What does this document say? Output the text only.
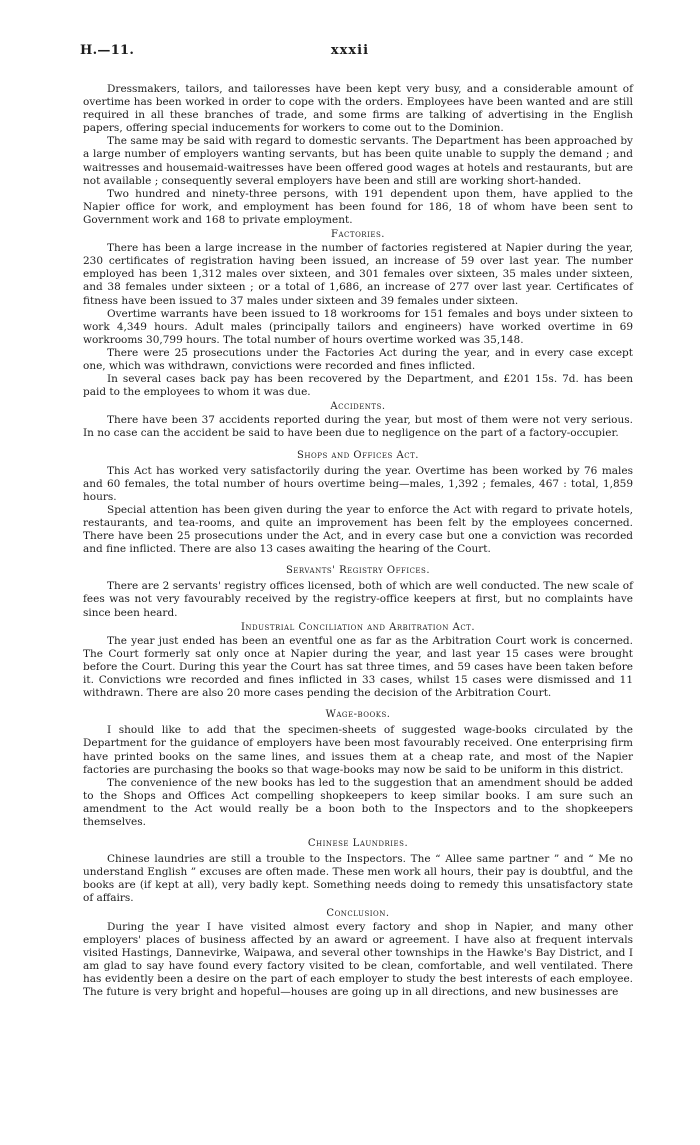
H.—11.	xxxii

Dressmakers, tailors, and tailoresses have been kept very busy, and a considerable amount of overtime has been worked in order to cope with the orders. Employees have been wanted and are still required in all these branches of trade, and some firms are talking of advertising in the English papers, offering special inducements for workers to come out to the Dominion.

The same may be said with regard to domestic servants. The Department has been approached by a large number of employers wanting servants, but has been quite unable to supply the demand ; and waitresses and housemaid-waitresses have been offered good wages at hotels and restaurants, but are not available ; consequently several employers have been and still are working short-handed.

Two hundred and ninety-three persons, with 191 dependent upon them, have applied to the Napier office for work, and employment has been found for 186, 18 of whom have been sent to Government work and 168 to private employment.

Factories.

There has been a large increase in the number of factories registered at Napier during the year, 230 certificates of registration having been issued, an increase of 59 over last year. The number employed has been 1,312 males over sixteen, and 301 females over sixteen, 35 males under sixteen, and 38 females under sixteen ; or a total of 1,686, an increase of 277 over last year. Certificates of fitness have been issued to 37 males under sixteen and 39 females under sixteen.

Overtime warrants have been issued to 18 workrooms for 151 females and boys under sixteen to work 4,349 hours. Adult males (principally tailors and engineers) have worked overtime in 69 workrooms 30,799 hours. The total number of hours overtime worked was 35,148.

There were 25 prosecutions under the Factories Act during the year, and in every case except one, which was withdrawn, convictions were recorded and fines inflicted.

In several cases back pay has been recovered by the Department, and £201 15s. 7d. has been paid to the employees to whom it was due.

Accidents.

There have been 37 accidents reported during the year, but most of them were not very serious. In no case can the accident be said to have been due to negligence on the part of a factory-occupier.

Shops and Offices Act.

This Act has worked very satisfactorily during the year. Overtime has been worked by 76 males and 60 females, the total number of hours overtime being—males, 1,392 ; females, 467 : total, 1,859 hours.

Special attention has been given during the year to enforce the Act with regard to private hotels, restaurants, and tea-rooms, and quite an improvement has been felt by the employees concerned. There have been 25 prosecutions under the Act, and in every case but one a conviction was recorded and fine inflicted. There are also 13 cases awaiting the hearing of the Court.

Servants' Registry Offices.

There are 2 servants' registry offices licensed, both of which are well conducted. The new scale of fees was not very favourably received by the registry-office keepers at first, but no complaints have since been heard.

Industrial Conciliation and Arbitration Act.

The year just ended has been an eventful one as far as the Arbitration Court work is concerned. The Court formerly sat only once at Napier during the year, and last year 15 cases were brought before the Court. During this year the Court has sat three times, and 59 cases have been taken before it. Convictions wre recorded and fines inflicted in 33 cases, whilst 15 cases were dismissed and 11 withdrawn. There are also 20 more cases pending the decision of the Arbitration Court.

Wage-books.

I should like to add that the specimen-sheets of suggested wage-books circulated by the Department for the guidance of employers have been most favourably received. One enterprising firm have printed books on the same lines, and issues them at a cheap rate, and most of the Napier factories are purchasing the books so that wage-books may now be said to be uniform in this district.

The convenience of the new books has led to the suggestion that an amendment should be added to the Shops and Offices Act compelling shopkeepers to keep similar books. I am sure such an amendment to the Act would really be a boon both to the Inspectors and to the shopkeepers themselves.

Chinese Laundries.

Chinese laundries are still a trouble to the Inspectors. The “ Allee same partner ” and “ Me no understand English ” excuses are often made. These men work all hours, their pay is doubtful, and the books are (if kept at all), very badly kept. Something needs doing to remedy this unsatisfactory state of affairs.

Conclusion.

During the year I have visited almost every factory and shop in Napier, and many other employers' places of business affected by an award or agreement. I have also at frequent intervals visited Hastings, Dannevirke, Waipawa, and several other townships in the Hawke's Bay District, and I am glad to say have found every factory visited to be clean, comfortable, and well ventilated. There has evidently been a desire on the part of each employer to study the best interests of each employee. The future is very bright and hopeful—houses are going up in all directions, and new businesses are
